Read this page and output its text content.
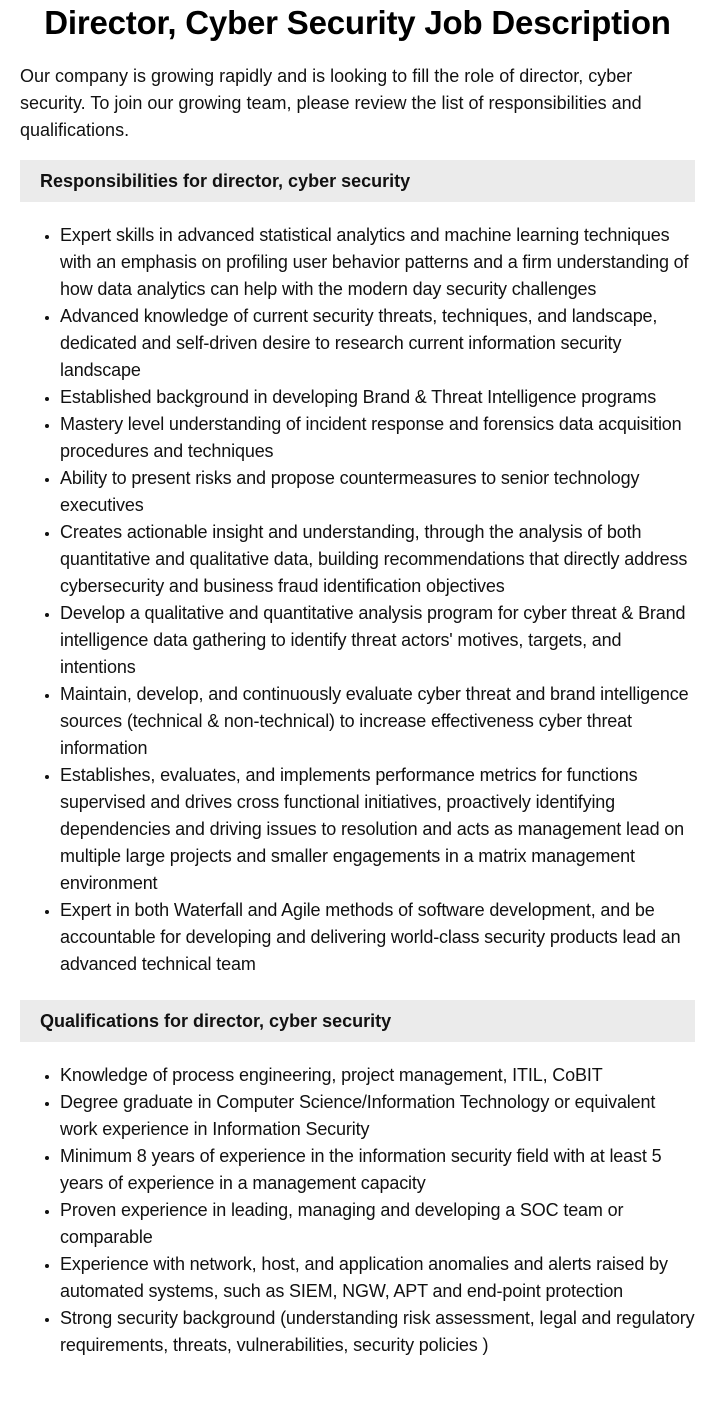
Director, Cyber Security Job Description

Our company is growing rapidly and is looking to fill the role of director, cyber security. To join our growing team, please review the list of responsibilities and qualifications.

Responsibilities for director, cyber security
• Expert skills in advanced statistical analytics and machine learning techniques with an emphasis on profiling user behavior patterns and a firm understanding of how data analytics can help with the modern day security challenges
• Advanced knowledge of current security threats, techniques, and landscape, dedicated and self-driven desire to research current information security landscape
• Established background in developing Brand & Threat Intelligence programs
• Mastery level understanding of incident response and forensics data acquisition procedures and techniques
• Ability to present risks and propose countermeasures to senior technology executives
• Creates actionable insight and understanding, through the analysis of both quantitative and qualitative data, building recommendations that directly address cybersecurity and business fraud identification objectives
• Develop a qualitative and quantitative analysis program for cyber threat & Brand intelligence data gathering to identify threat actors' motives, targets, and intentions
• Maintain, develop, and continuously evaluate cyber threat and brand intelligence sources (technical & non-technical) to increase effectiveness cyber threat information
• Establishes, evaluates, and implements performance metrics for functions supervised and drives cross functional initiatives, proactively identifying dependencies and driving issues to resolution and acts as management lead on multiple large projects and smaller engagements in a matrix management environment
• Expert in both Waterfall and Agile methods of software development, and be accountable for developing and delivering world-class security products lead an advanced technical team
Qualifications for director, cyber security
• Knowledge of process engineering, project management, ITIL, CoBIT
• Degree graduate in Computer Science/Information Technology or equivalent work experience in Information Security
• Minimum 8 years of experience in the information security field with at least 5 years of experience in a management capacity
• Proven experience in leading, managing and developing a SOC team or comparable
• Experience with network, host, and application anomalies and alerts raised by automated systems, such as SIEM, NGW, APT and end-point protection
• Strong security background (understanding risk assessment, legal and regulatory requirements, threats, vulnerabilities, security policies )
